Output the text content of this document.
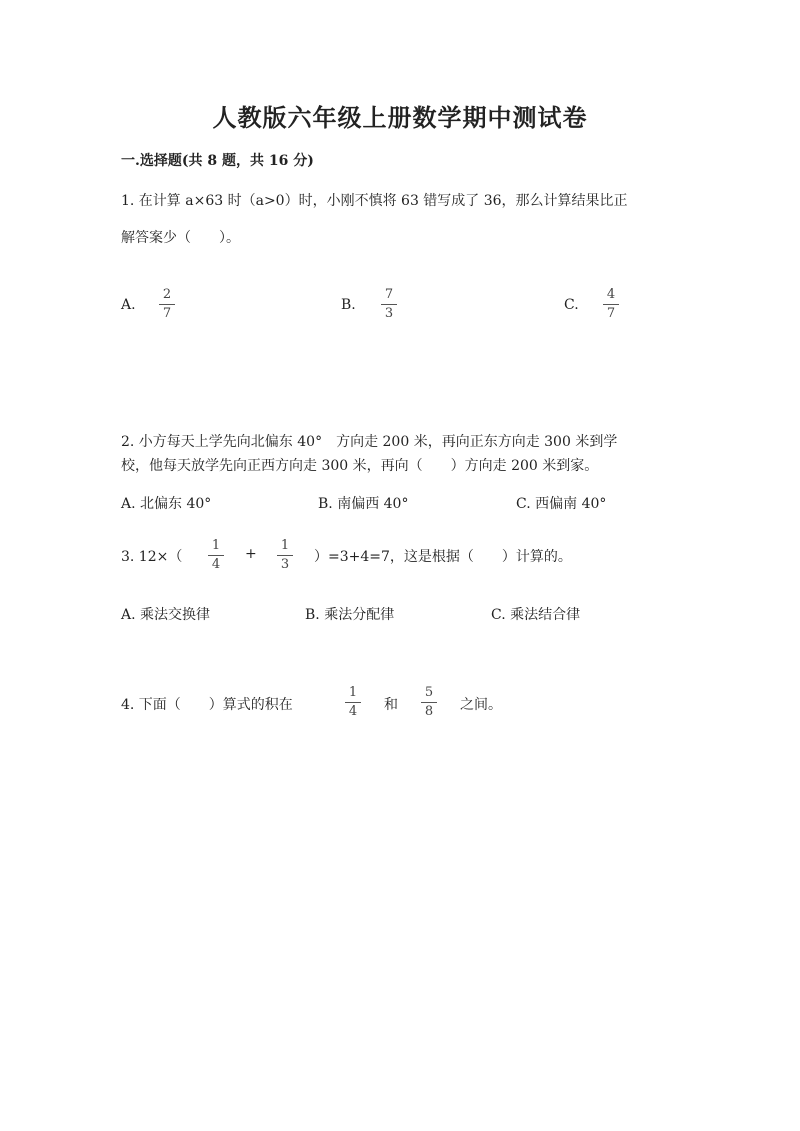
人教版六年级上册数学期中测试卷
一.选择题(共 8 题，共 16 分)
1. 在计算 a×63 时（a>0）时，小刚不慎将 63 错写成了 36，那么计算结果比正
解答案少（　　）。
A.
2
7
B.
7
3
C.
4
7
2. 小方每天上学先向北偏东 40°　方向走 200 米，再向正东方向走 300 米到学
校，他每天放学先向正西方向走 300 米，再向（　　）方向走 200 米到家。
A. 北偏东 40°	B. 南偏西 40°	C. 西偏南 40°
3. 12×（
1
4
+
1
3 ）=3+4=7，这是根据（　　）计算的。
A. 乘法交换律	B. 乘法分配律	C. 乘法结合律
4. 下面（　　）算式的积在
1
4 和
5
8 之间。
